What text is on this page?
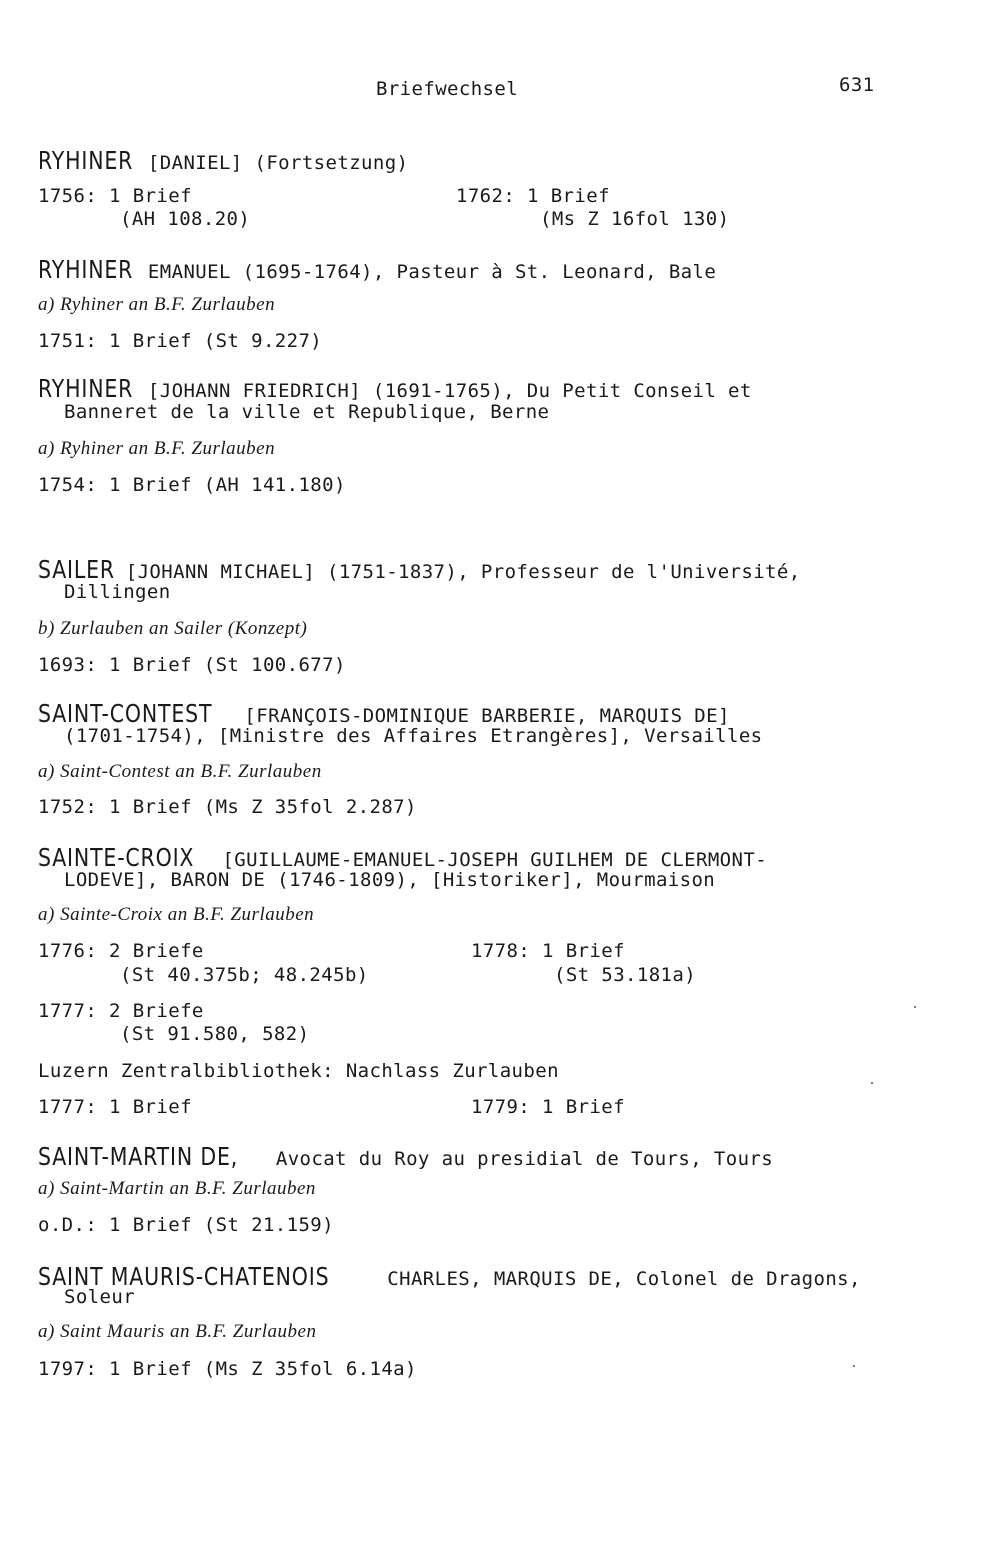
Briefwechsel	631
RYHINER [DANIEL] (Fortsetzung)
1756: 1 Brief
(AH 108.20)
1762: 1 Brief
(Ms Z 16fol 130)
RYHINER EMANUEL (1695-1764), Pasteur à St. Leonard, Bale
a) Ryhiner an B.F. Zurlauben
1751: 1 Brief (St 9.227)
RYHINER [JOHANN FRIEDRICH] (1691-1765), Du Petit Conseil et
Banneret de la ville et Republique, Berne
a) Ryhiner an B.F. Zurlauben
1754: 1 Brief (AH 141.180)
SAILER [JOHANN MICHAEL] (1751-1837), Professeur de l'Université,
Dillingen
b) Zurlauben an Sailer (Konzept)
1693: 1 Brief (St 100.677)
SAINT-CONTEST [FRANÇOIS-DOMINIQUE BARBERIE, MARQUIS DE]
(1701-1754), [Ministre des Affaires Etrangères], Versailles
a) Saint-Contest an B.F. Zurlauben
1752: 1 Brief (Ms Z 35fol 2.287)
SAINTE-CROIX [GUILLAUME-EMANUEL-JOSEPH GUILHEM DE CLERMONT-
LODEVE], BARON DE (1746-1809), [Historiker], Mourmaison
a) Sainte-Croix an B.F. Zurlauben
1776: 2 Briefe
(St 40.375b; 48.245b)
1778: 1 Brief
(St 53.181a)
1777: 2 Briefe
(St 91.580, 582)
Luzern Zentralbibliothek: Nachlass Zurlauben
1777: 1 Brief	1779: 1 Brief
SAINT-MARTIN DE, Avocat du Roy au presidial de Tours, Tours
a) Saint-Martin an B.F. Zurlauben
o.D.: 1 Brief (St 21.159)
SAINT MAURIS-CHATENOIS CHARLES, MARQUIS DE, Colonel de Dragons,
Soleur
a) Saint Mauris an B.F. Zurlauben
1797: 1 Brief (Ms Z 35fol 6.14a)
